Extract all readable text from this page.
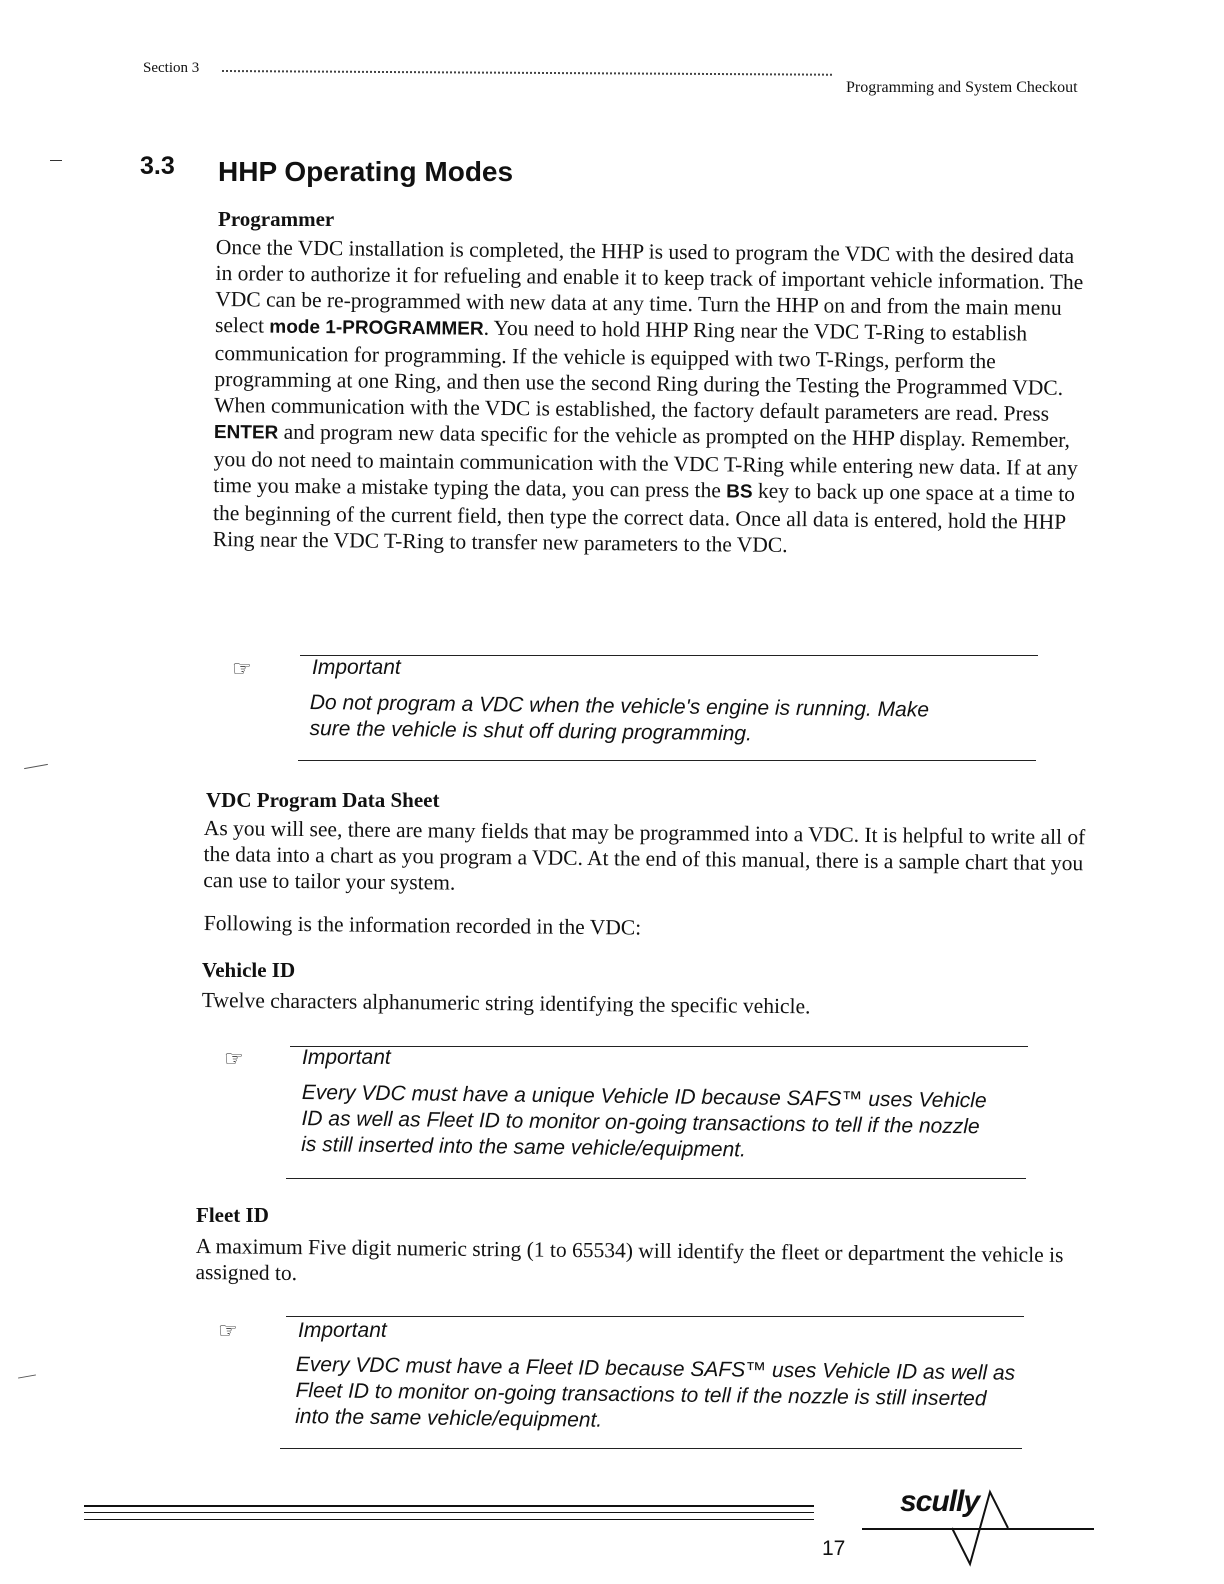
Section 3
Programming and System Checkout
3.3 HHP Operating Modes
Programmer
Once the VDC installation is completed, the HHP is used to program the VDC with the desired data in order to authorize it for refueling and enable it to keep track of important vehicle information. The VDC can be re-programmed with new data at any time. Turn the HHP on and from the main menu select mode 1-PROGRAMMER. You need to hold HHP Ring near the VDC T-Ring to establish communication for programming. If the vehicle is equipped with two T-Rings, perform the programming at one Ring, and then use the second Ring during the Testing the Programmed VDC. When communication with the VDC is established, the factory default parameters are read. Press ENTER and program new data specific for the vehicle as prompted on the HHP display. Remember, you do not need to maintain communication with the VDC T-Ring while entering new data. If at any time you make a mistake typing the data, you can press the BS key to back up one space at a time to the beginning of the current field, then type the correct data. Once all data is entered, hold the HHP Ring near the VDC T-Ring to transfer new parameters to the VDC.
☞	Important
Do not program a VDC when the vehicle's engine is running. Make sure the vehicle is shut off during programming.
VDC Program Data Sheet
As you will see, there are many fields that may be programmed into a VDC. It is helpful to write all of the data into a chart as you program a VDC. At the end of this manual, there is a sample chart that you can use to tailor your system.
Following is the information recorded in the VDC:
Vehicle ID
Twelve characters alphanumeric string identifying the specific vehicle.
☞	Important
Every VDC must have a unique Vehicle ID because SAFS™ uses Vehicle ID as well as Fleet ID to monitor on-going transactions to tell if the nozzle is still inserted into the same vehicle/equipment.
Fleet ID
A maximum Five digit numeric string (1 to 65534) will identify the fleet or department the vehicle is assigned to.
☞	Important
Every VDC must have a Fleet ID because SAFS™ uses Vehicle ID as well as Fleet ID to monitor on-going transactions to tell if the nozzle is still inserted into the same vehicle/equipment.
17
scully
